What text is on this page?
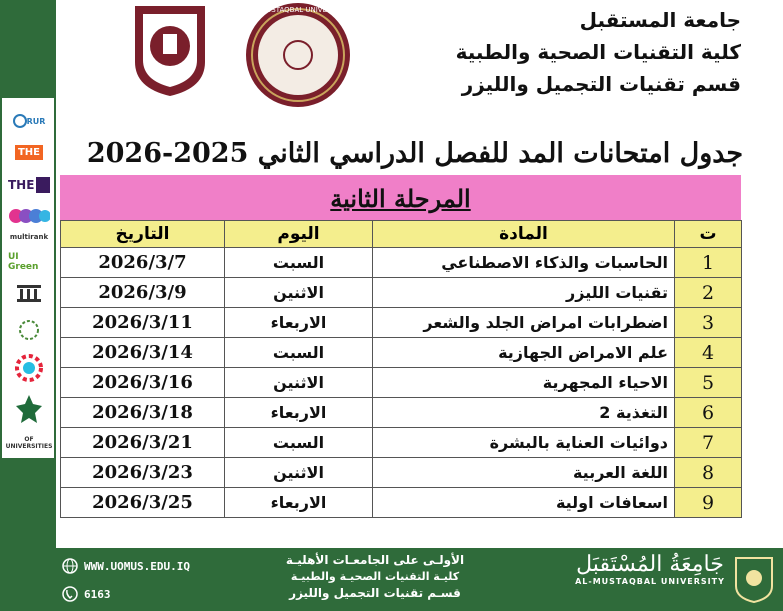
RUR
THE
THE
multirank
UI Green
OF UNIVERSITIES
جامعة المستقبل
كلية التقنيات الصحية والطبية
قسم تقنيات التجميل والليزر
AL-MUSTAQBAL UNIVERSITY
جدول امتحانات المد للفصل الدراسي الثاني 2025-2026
المرحلة الثانية
ت	المادة	اليوم	التاريخ
1	الحاسبات والذكاء الاصطناعي	السبت	2026/3/7
2	تقنيات الليزر	الاثنين	2026/3/9
3	اضطرابات امراض الجلد والشعر	الاربعاء	2026/3/11
4	علم الامراض الجهازية	السبت	2026/3/14
5	الاحياء المجهرية	الاثنين	2026/3/16
6	التغذية 2	الاربعاء	2026/3/18
7	دوائيات العناية بالبشرة	السبت	2026/3/21
8	اللغة العربية	الاثنين	2026/3/23
9	اسعافات اولية	الاربعاء	2026/3/25
WWW.UOMUS.EDU.IQ
6163
الأولـى على الجامعـات الأهليـة
كليـة التقنيات الصحيـة والطبيـة
قسـم تقنيات التجميل والليزر
جَامِعَةُ المُسْتَقبَل
AL-MUSTAQBAL UNIVERSITY
